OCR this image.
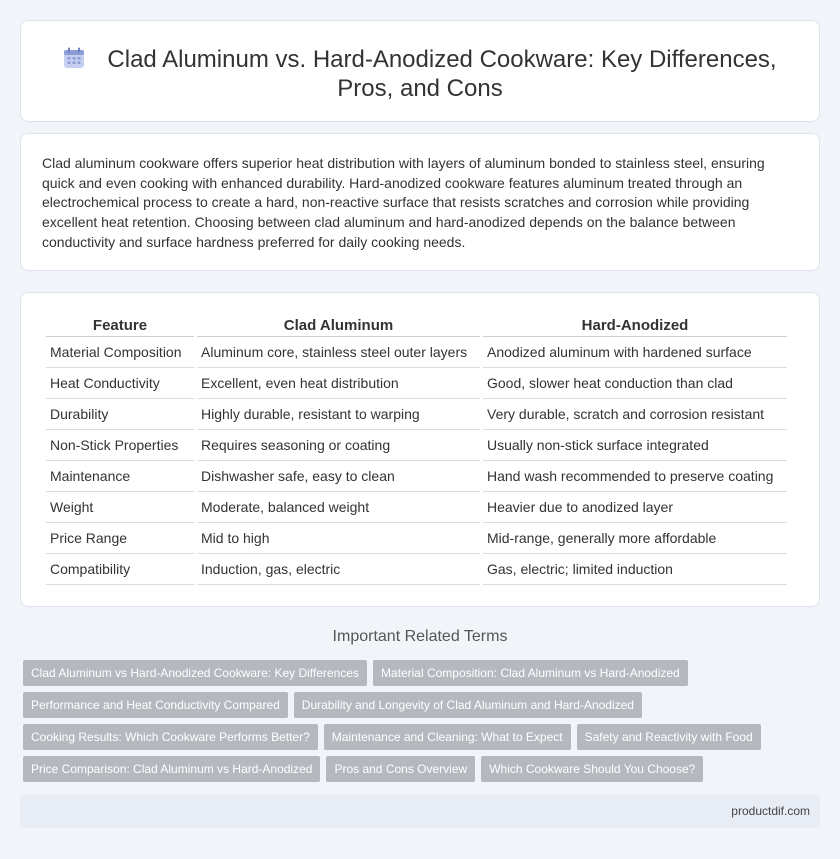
Clad Aluminum vs. Hard-Anodized Cookware: Key Differences, Pros, and Cons

Clad aluminum cookware offers superior heat distribution with layers of aluminum bonded to stainless steel, ensuring quick and even cooking with enhanced durability. Hard-anodized cookware features aluminum treated through an electrochemical process to create a hard, non-reactive surface that resists scratches and corrosion while providing excellent heat retention. Choosing between clad aluminum and hard-anodized depends on the balance between conductivity and surface hardness preferred for daily cooking needs.

Feature	Clad Aluminum	Hard-Anodized
Material Composition	Aluminum core, stainless steel outer layers	Anodized aluminum with hardened surface
Heat Conductivity	Excellent, even heat distribution	Good, slower heat conduction than clad
Durability	Highly durable, resistant to warping	Very durable, scratch and corrosion resistant
Non-Stick Properties	Requires seasoning or coating	Usually non-stick surface integrated
Maintenance	Dishwasher safe, easy to clean	Hand wash recommended to preserve coating
Weight	Moderate, balanced weight	Heavier due to anodized layer
Price Range	Mid to high	Mid-range, generally more affordable
Compatibility	Induction, gas, electric	Gas, electric; limited induction
Important Related Terms
Clad Aluminum vs Hard-Anodized Cookware: Key Differences	Material Composition: Clad Aluminum vs Hard-Anodized
Performance and Heat Conductivity Compared	Durability and Longevity of Clad Aluminum and Hard-Anodized
Cooking Results: Which Cookware Performs Better?	Maintenance and Cleaning: What to Expect	Safety and Reactivity with Food
Price Comparison: Clad Aluminum vs Hard-Anodized	Pros and Cons Overview	Which Cookware Should You Choose?
productdif.com
